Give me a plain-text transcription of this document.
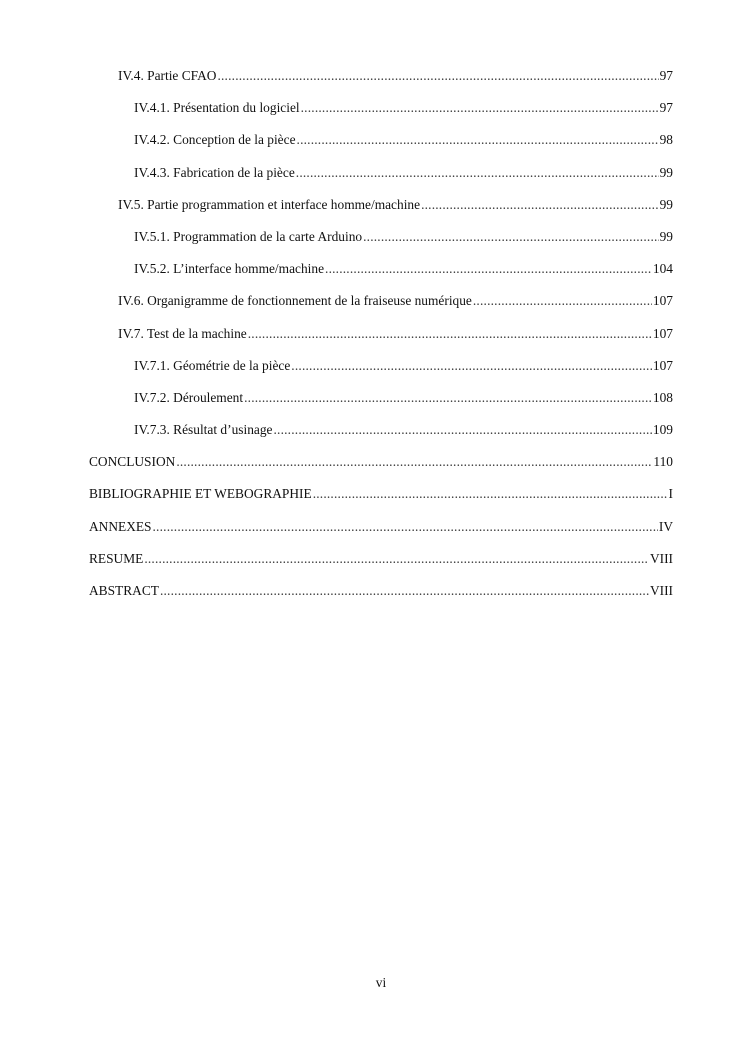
IV.4. Partie CFAO .....	97
IV.4.1. Présentation du logiciel .....	97
IV.4.2. Conception de la pièce .....	98
IV.4.3. Fabrication de la pièce .....	99
IV.5. Partie programmation et interface homme/machine .....	99
IV.5.1. Programmation de la carte Arduino .....	99
IV.5.2. L’interface homme/machine .....	104
IV.6. Organigramme de fonctionnement de la fraiseuse numérique .....	107
IV.7. Test de la machine .....	107
IV.7.1. Géométrie de la pièce .....	107
IV.7.2. Déroulement .....	108
IV.7.3. Résultat d’usinage .....	109
CONCLUSION .....	110
BIBLIOGRAPHIE ET WEBOGRAPHIE .....	I
ANNEXES .....	IV
RESUME .....	VIII
ABSTRACT .....	VIII
vi
